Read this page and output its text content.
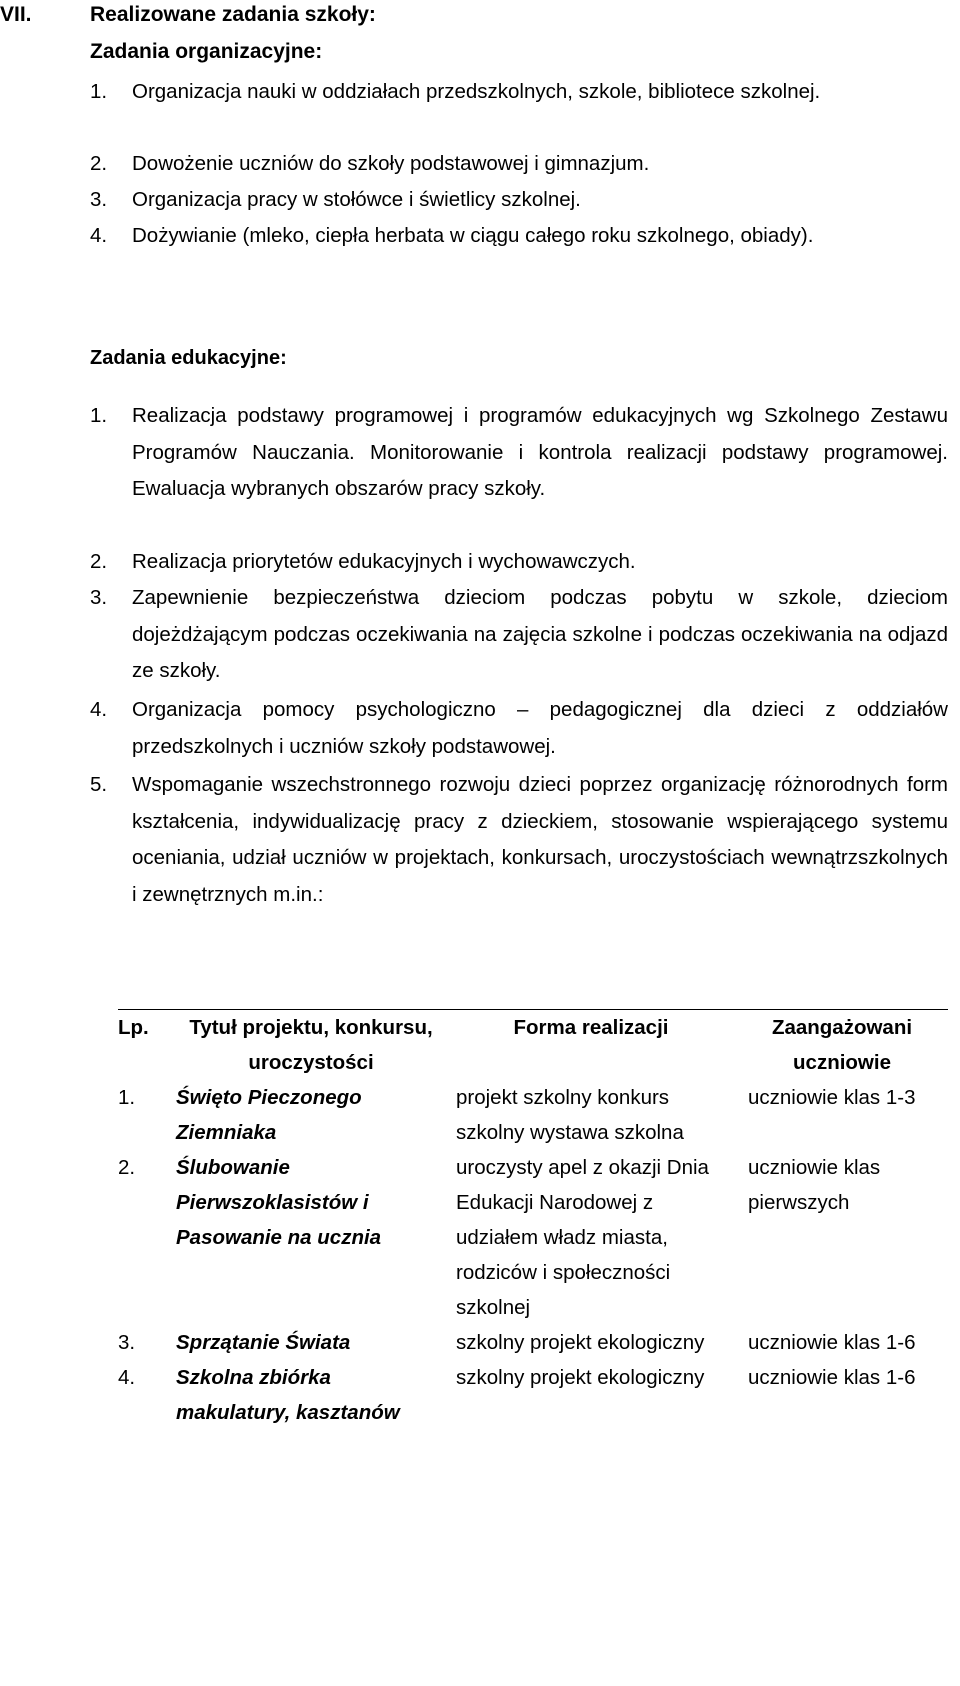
VII.	Realizowane zadania szkoły:
Zadania organizacyjne:
1.	Organizacja nauki w oddziałach przedszkolnych, szkole, bibliotece szkolnej.
2.	Dowożenie uczniów do szkoły podstawowej i gimnazjum.
3.	Organizacja pracy w stołówce i świetlicy szkolnej.
4.	Dożywianie (mleko, ciepła herbata w ciągu całego roku szkolnego, obiady).
Zadania edukacyjne:
1.	Realizacja podstawy programowej i programów edukacyjnych wg Szkolnego Zestawu Programów Nauczania. Monitorowanie i kontrola realizacji podstawy programowej. Ewaluacja wybranych obszarów pracy szkoły.
2.	Realizacja priorytetów edukacyjnych i wychowawczych.
3.	Zapewnienie bezpieczeństwa dzieciom podczas pobytu w szkole, dzieciom dojeżdżającym podczas oczekiwania na zajęcia szkolne i podczas oczekiwania na odjazd ze szkoły.
4.	Organizacja pomocy psychologiczno – pedagogicznej dla dzieci z oddziałów przedszkolnych i uczniów szkoły podstawowej.
5.	Wspomaganie wszechstronnego rozwoju dzieci poprzez organizację różnorodnych form kształcenia, indywidualizację pracy z dzieckiem, stosowanie wspierającego systemu oceniania, udział uczniów w projektach, konkursach, uroczystościach wewnątrzszkolnych i zewnętrznych m.in.:
Lp.	Tytuł projektu, konkursu, uroczystości	Forma realizacji	Zaangażowani uczniowie
1.	Święto Pieczonego Ziemniaka	projekt szkolny konkurs szkolny wystawa szkolna	uczniowie klas 1-3
2.	Ślubowanie Pierwszoklasistów i Pasowanie na ucznia	uroczysty apel z okazji Dnia Edukacji Narodowej z udziałem władz miasta, rodziców i społeczności szkolnej	uczniowie klas pierwszych
3.	Sprzątanie Świata	szkolny projekt ekologiczny	uczniowie klas 1-6
4.	Szkolna zbiórka makulatury, kasztanów	szkolny projekt ekologiczny	uczniowie klas 1-6
